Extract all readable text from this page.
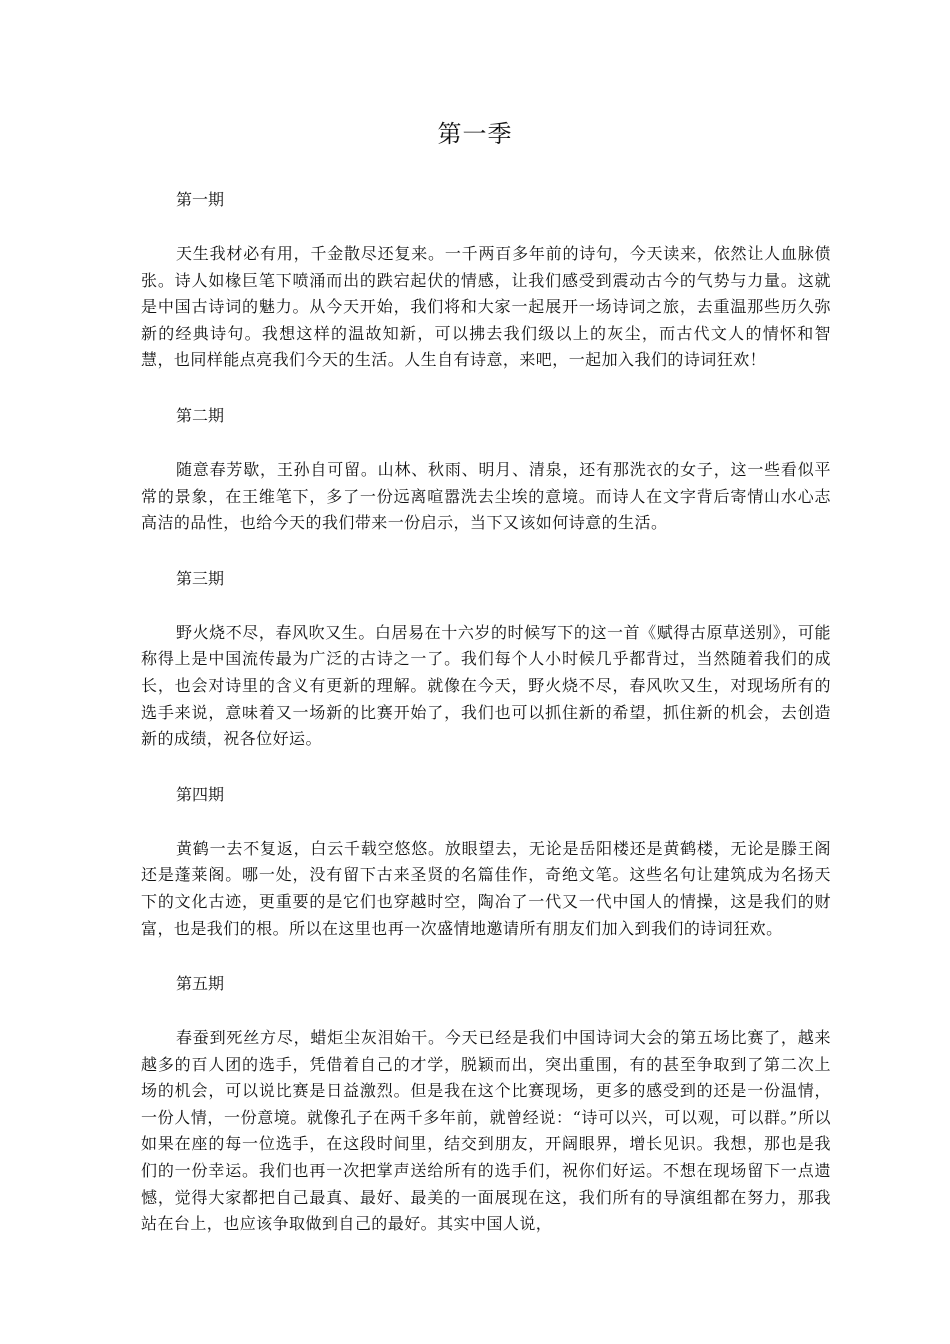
第一季

第一期

天生我材必有用，千金散尽还复来。一千两百多年前的诗句，今天读来，依然让人血脉偾张。诗人如椽巨笔下喷涌而出的跌宕起伏的情感，让我们感受到震动古今的气势与力量。这就是中国古诗词的魅力。从今天开始，我们将和大家一起展开一场诗词之旅，去重温那些历久弥新的经典诗句。我想这样的温故知新，可以拂去我们级以上的灰尘，而古代文人的情怀和智慧，也同样能点亮我们今天的生活。人生自有诗意，来吧，一起加入我们的诗词狂欢！

第二期

随意春芳歇，王孙自可留。山林、秋雨、明月、清泉，还有那洗衣的女子，这一些看似平常的景象，在王维笔下，多了一份远离喧嚣洗去尘埃的意境。而诗人在文字背后寄情山水心志高洁的品性，也给今天的我们带来一份启示，当下又该如何诗意的生活。

第三期

野火烧不尽，春风吹又生。白居易在十六岁的时候写下的这一首《赋得古原草送别》，可能称得上是中国流传最为广泛的古诗之一了。我们每个人小时候几乎都背过，当然随着我们的成长，也会对诗里的含义有更新的理解。就像在今天，野火烧不尽，春风吹又生，对现场所有的选手来说，意味着又一场新的比赛开始了，我们也可以抓住新的希望，抓住新的机会，去创造新的成绩，祝各位好运。

第四期

黄鹤一去不复返，白云千载空悠悠。放眼望去，无论是岳阳楼还是黄鹤楼，无论是滕王阁还是蓬莱阁。哪一处，没有留下古来圣贤的名篇佳作，奇绝文笔。这些名句让建筑成为名扬天下的文化古迹，更重要的是它们也穿越时空，陶冶了一代又一代中国人的情操，这是我们的财富，也是我们的根。所以在这里也再一次盛情地邀请所有朋友们加入到我们的诗词狂欢。

第五期

春蚕到死丝方尽，蜡炬尘灰泪始干。今天已经是我们中国诗词大会的第五场比赛了，越来越多的百人团的选手，凭借着自己的才学，脱颖而出，突出重围，有的甚至争取到了第二次上场的机会，可以说比赛是日益激烈。但是我在这个比赛现场，更多的感受到的还是一份温情，一份人情，一份意境。就像孔子在两千多年前，就曾经说：“诗可以兴，可以观，可以群。”所以如果在座的每一位选手，在这段时间里，结交到朋友，开阔眼界，增长见识。我想，那也是我们的一份幸运。我们也再一次把掌声送给所有的选手们，祝你们好运。不想在现场留下一点遗憾，觉得大家都把自己最真、最好、最美的一面展现在这，我们所有的导演组都在努力，那我站在台上，也应该争取做到自己的最好。其实中国人说，
